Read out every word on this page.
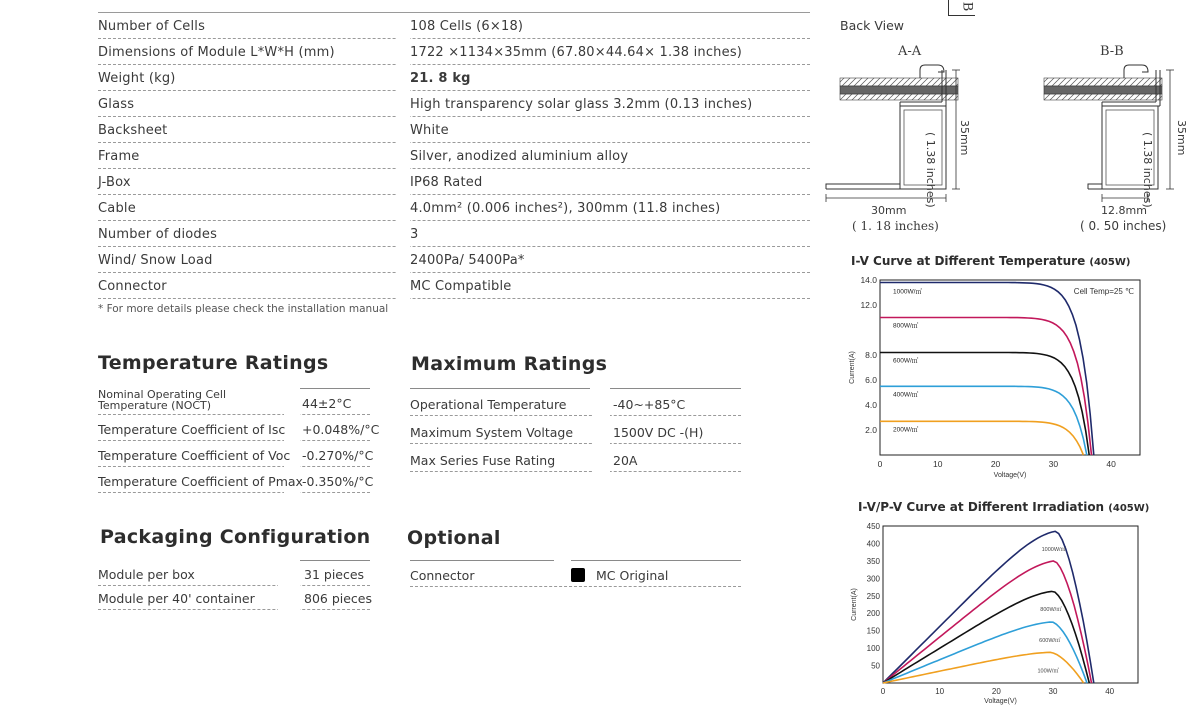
Number of Cells	108 Cells (6×18)
Dimensions of Module L*W*H (mm)	1722 ×1134×35mm (67.80×44.64× 1.38 inches)
Weight (kg)	21. 8 kg
Glass	High transparency solar glass 3.2mm (0.13 inches)
Backsheet	White
Frame	Silver, anodized aluminium alloy
J-Box	IP68 Rated
Cable	4.0mm² (0.006 inches²), 300mm (11.8 inches)
Number of diodes	3
Wind/ Snow Load	2400Pa/ 5400Pa*
Connector	MC Compatible
* For more details please check the installation manual
Temperature Ratings
Nominal Operating Cell Temperature (NOCT)	44±2°C
Temperature Coefficient of Isc +0.048%/°C
Temperature Coefficient of Voc -0.270%/°C
Temperature Coefficient of Pmax -0.350%/°C
Maximum Ratings
Operational Temperature	-40~+85°C
Maximum System Voltage	1500V DC -(H)
Max Series Fuse Rating	20A
Packaging Configuration
Module per box	31 pieces
Module per 40' container	806 pieces
Optional
Connector	MC Original
Back View
B
A-A	B-B
( 1.38 inches) 35mm	( 1.38 inches) 35mm
30mm
( 1. 18 inches)
12.8mm
( 0. 50 inches)
I-V Curve at Different Temperature (405W)
0	10	20	30	40
2.0
4.0
6.0
8.0
12.0
14.0
Voltage(V)
Current(A)
Cell Temp=25 ℃
1000W/㎡
800W/㎡
600W/㎡
400W/㎡
200W/㎡
I-V/P-V Curve at Different Irradiation (405W)
0	10	20	30	40
50
100
150
200
250
300
350
400
450
Voltage(V)
Current(A)
1000W/㎡
800W/㎡
600W/㎡
100W/㎡
